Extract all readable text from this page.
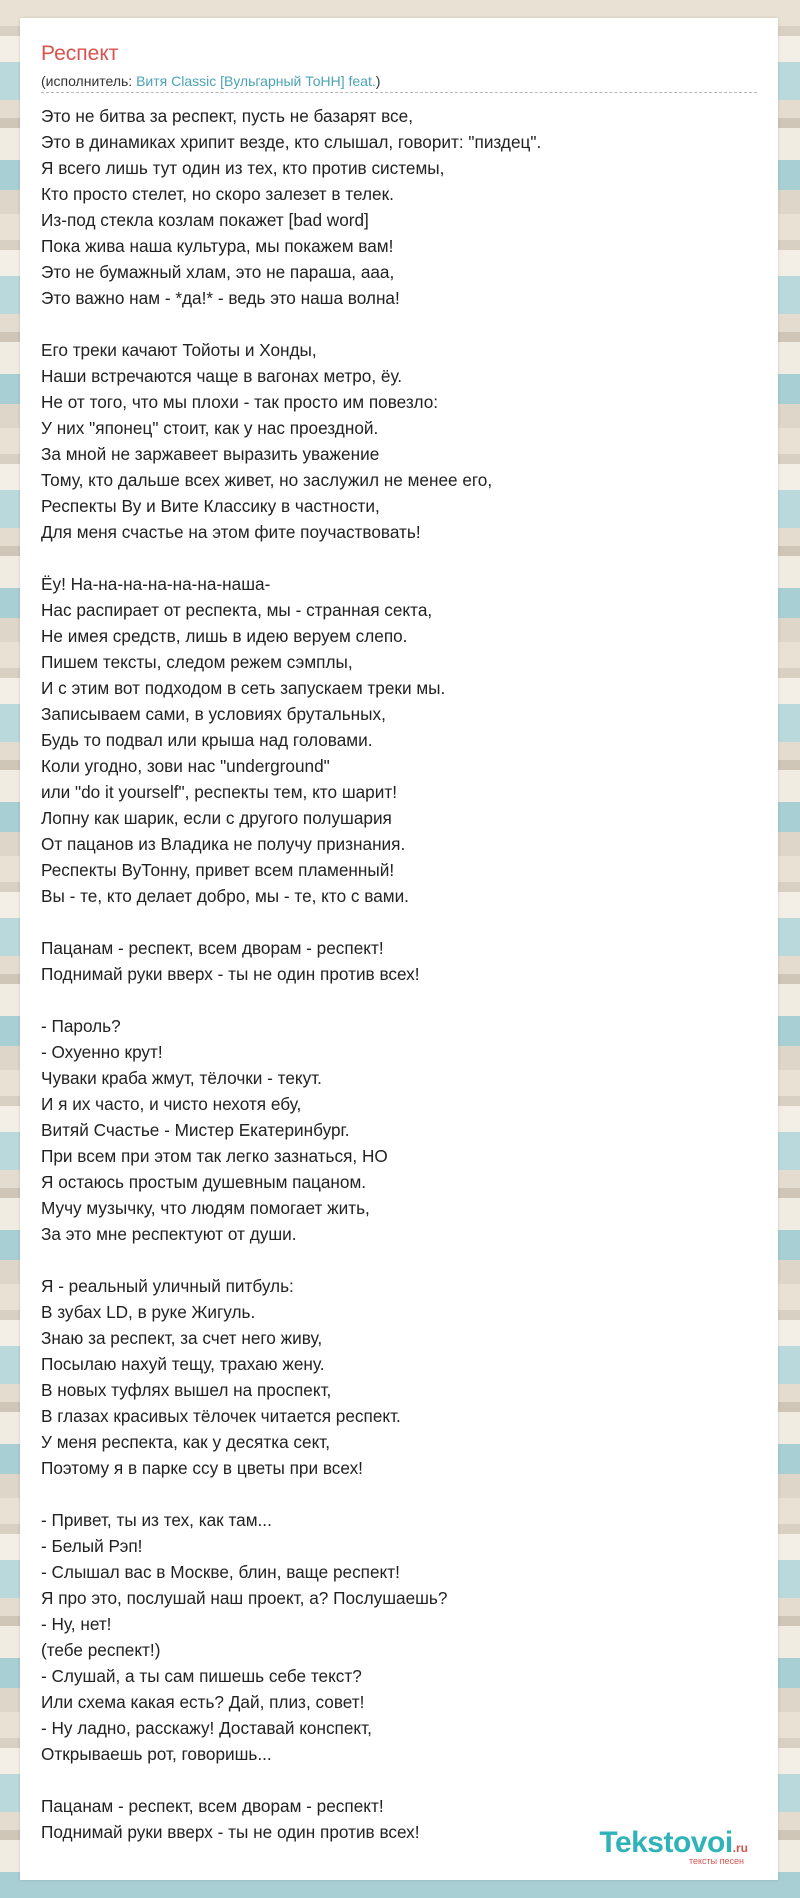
Респект
(исполнитель: Витя Classic [Вульгарный ТоНН] feat.)
Это не битва за респект, пусть не базарят все,
Это в динамиках хрипит везде, кто слышал, говорит: "пиздец".
Я всего лишь тут один из тех, кто против системы,
Кто просто стелет, но скоро залезет в телек.
Из-под стекла козлам покажет [bad word]
Пока жива наша культура, мы покажем вам!
Это не бумажный хлам, это не параша, ааа,
Это важно нам - *да!* - ведь это наша волна!
Его треки качают Тойоты и Хонды,
Наши встречаются чаще в вагонах метро, ёу.
Не от того, что мы плохи - так просто им повезло:
У них "японец" стоит, как у нас проездной.
За мной не заржавеет выразить уважение
Тому, кто дальше всех живет, но заслужил не менее его,
Респекты Ву и Вите Классику в частности,
Для меня счастье на этом фите поучаствовать!
Ёу! На-на-на-на-на-на-наша-
Нас распирает от респекта, мы - странная секта,
Не имея средств, лишь в идею веруем слепо.
Пишем тексты, следом режем сэмплы,
И с этим вот подходом в сеть запускаем треки мы.
Записываем сами, в условиях брутальных,
Будь то подвал или крыша над головами.
Коли угодно, зови нас "underground"
или "do it yourself", респекты тем, кто шарит!
Лопну как шарик, если с другого полушария
От пацанов из Владика не получу признания.
Респекты ВуТонну, привет всем пламенный!
Вы - те, кто делает добро, мы - те, кто с вами.
Пацанам - респект, всем дворам - респект!
Поднимай руки вверх - ты не один против всех!
- Пароль?
- Охуенно крут!
Чуваки краба жмут, тёлочки - текут.
И я их часто, и чисто нехотя ебу,
Витяй Счастье - Мистер Екатеринбург.
При всем при этом так легко зазнаться, НО
Я остаюсь простым душевным пацаном.
Мучу музычку, что людям помогает жить,
За это мне респектуют от души.
Я - реальный уличный питбуль:
В зубах LD, в руке Жигуль.
Знаю за респект, за счет него живу,
Посылаю нахуй тещу, трахаю жену.
В новых туфлях вышел на проспект,
В глазах красивых тёлочек читается респект.
У меня респекта, как у десятка сект,
Поэтому я в парке ссу в цветы при всех!
- Привет, ты из тех, как там...
- Белый Рэп!
- Слышал вас в Москве, блин, ваще респект!
Я про это, послушай наш проект, а? Послушаешь?
- Ну, нет!
(тебе респект!)
- Слушай, а ты сам пишешь себе текст?
Или схема какая есть? Дай, плиз, совет!
- Ну ладно, расскажу! Доставай конспект,
Открываешь рот, говоришь...
Пацанам - респект, всем дворам - респект!
Поднимай руки вверх - ты не один против всех!	Tekstovoi.ru
тексты песен
